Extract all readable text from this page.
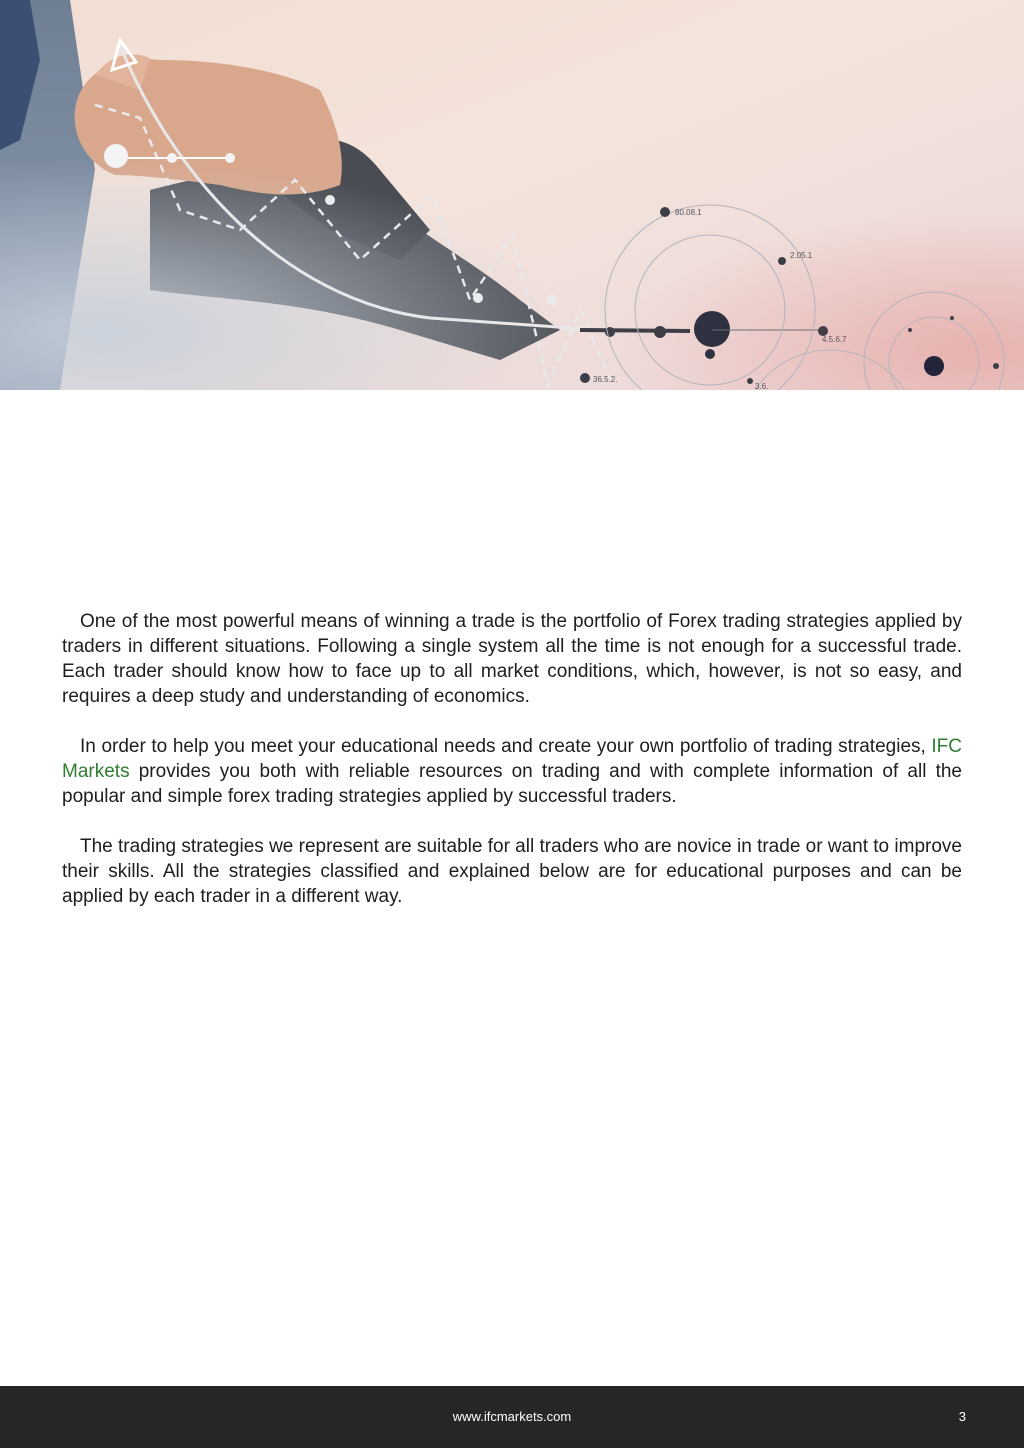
80.08.1
2.05.1
4.5.6.7
36.5.2.
3.6.

One of the most powerful means of winning a trade is the portfolio of Forex trading strategies applied by traders in different situations. Following a single system all the time is not enough for a successful trade. Each trader should know how to face up to all market conditions, which, however, is not so easy, and requires a deep study and understanding of economics.

In order to help you meet your educational needs and create your own portfolio of trading strategies, IFC Markets provides you both with reliable resources on trading and with complete information of all the popular and simple forex trading strategies applied by successful traders.

The trading strategies we represent are suitable for all traders who are novice in trade or want to improve their skills. All the strategies classified and explained below are for educational purposes and can be applied by each trader in a different way.

www.ifcmarkets.com	3
